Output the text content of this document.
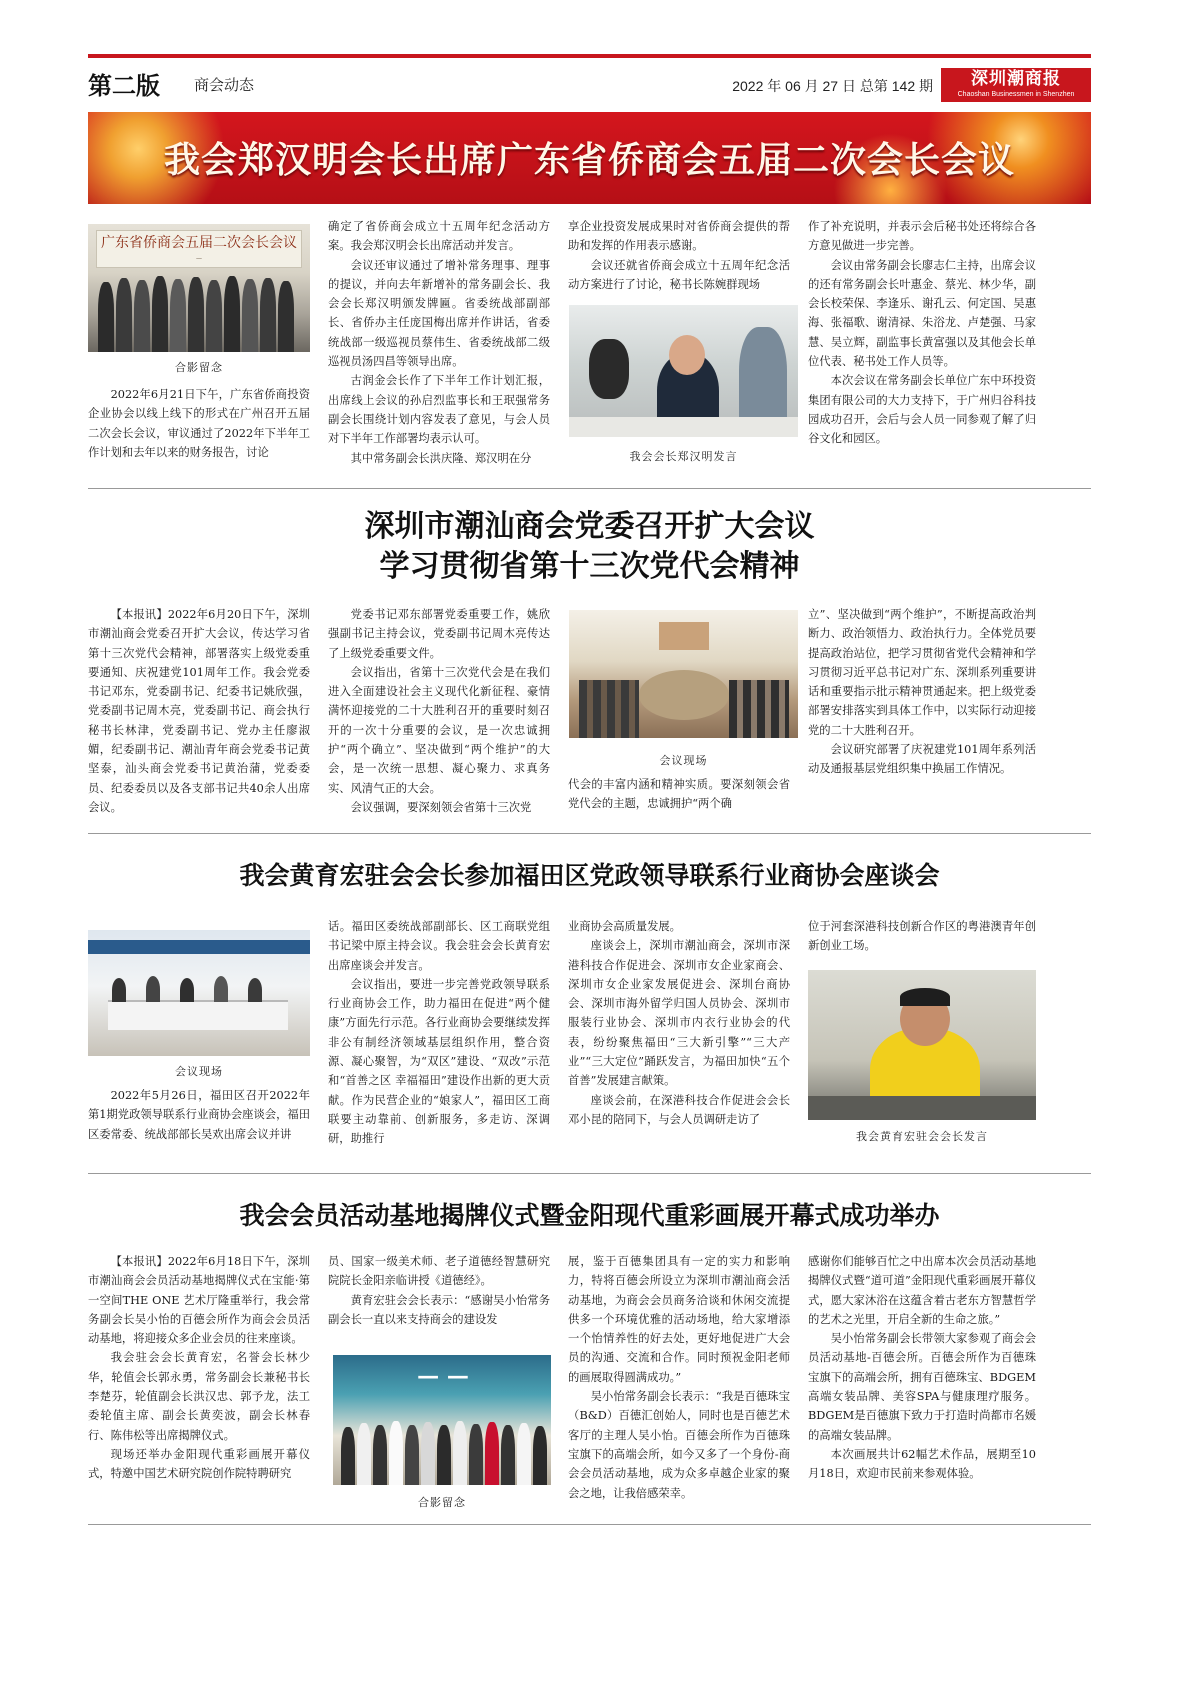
第二版 商会动态	2022 年 06 月 27 日 总第 142 期	深圳潮商报
Chaoshan Businessmen in Shenzhen
我会郑汉明会长出席广东省侨商会五届二次会长会议
广东省侨商会五届二次会长会议
—
合影留念

2022年6月21日下午，广东省侨商投资企业协会以线上线下的形式在广州召开五届二次会长会议，审议通过了2022年下半年工作计划和去年以来的财务报告，讨论

确定了省侨商会成立十五周年纪念活动方案。我会郑汉明会长出席活动并发言。

会议还审议通过了增补常务理事、理事的提议，并向去年新增补的常务副会长、我会会长郑汉明颁发牌匾。省委统战部副部长、省侨办主任庞国梅出席并作讲话，省委统战部一级巡视员蔡伟生、省委统战部二级巡视员汤四昌等领导出席。

古润金会长作了下半年工作计划汇报，出席线上会议的孙启烈监事长和王珉强常务副会长围绕计划内容发表了意见，与会人员对下半年工作部署均表示认可。

其中常务副会长洪庆隆、郑汉明在分

享企业投资发展成果时对省侨商会提供的帮助和发挥的作用表示感谢。

会议还就省侨商会成立十五周年纪念活动方案进行了讨论，秘书长陈婉群现场

我会会长郑汉明发言

作了补充说明，并表示会后秘书处还将综合各方意见做进一步完善。

会议由常务副会长廖志仁主持，出席会议的还有常务副会长叶惠金、蔡光、林少华，副会长校荣保、李逢乐、谢孔云、何定国、吴惠海、张福歌、谢清禄、朱浴龙、卢楚强、马家慧、吴立辉，副监事长黄富强以及其他会长单位代表、秘书处工作人员等。

本次会议在常务副会长单位广东中环投资集团有限公司的大力支持下，于广州归谷科技园成功召开，会后与会人员一同参观了解了归谷文化和园区。

深圳市潮汕商会党委召开扩大会议
学习贯彻省第十三次党代会精神

【本报讯】2022年6月20日下午，深圳市潮汕商会党委召开扩大会议，传达学习省第十三次党代会精神，部署落实上级党委重要通知、庆祝建党101周年工作。我会党委书记邓东，党委副书记、纪委书记姚欣强，党委副书记周木亮，党委副书记、商会执行秘书长林津，党委副书记、党办主任廖淑媚，纪委副书记、潮汕青年商会党委书记黄坚泰，汕头商会党委书记黄治蒲，党委委员、纪委委员以及各支部书记共40余人出席会议。

党委书记邓东部署党委重要工作，姚欣强副书记主持会议，党委副书记周木亮传达了上级党委重要文件。

会议指出，省第十三次党代会是在我们进入全面建设社会主义现代化新征程、豪情满怀迎接党的二十大胜利召开的重要时刻召开的一次十分重要的会议，是一次忠诚拥护“两个确立”、坚决做到“两个维护”的大会，是一次统一思想、凝心聚力、求真务实、风清气正的大会。

会议强调，要深刻领会省第十三次党

会议现场

代会的丰富内涵和精神实质。要深刻领会省党代会的主题，忠诚拥护“两个确

立”、坚决做到“两个维护”，不断提高政治判断力、政治领悟力、政治执行力。全体党员要提高政治站位，把学习贯彻省党代会精神和学习贯彻习近平总书记对广东、深圳系列重要讲话和重要指示批示精神贯通起来。把上级党委部署安排落实到具体工作中，以实际行动迎接党的二十大胜利召开。

会议研究部署了庆祝建党101周年系列活动及通报基层党组织集中换届工作情况。

我会黄育宏驻会会长参加福田区党政领导联系行业商协会座谈会
会议现场

2022年5月26日，福田区召开2022年第1期党政领导联系行业商协会座谈会，福田区委常委、统战部部长吴欢出席会议并讲

话。福田区委统战部副部长、区工商联党组书记梁中原主持会议。我会驻会会长黄育宏出席座谈会并发言。

会议指出，要进一步完善党政领导联系行业商协会工作，助力福田在促进“两个健康”方面先行示范。各行业商协会要继续发挥非公有制经济领域基层组织作用，整合资源、凝心聚智，为“双区”建设、“双改”示范和“首善之区 幸福福田”建设作出新的更大贡献。作为民营企业的“娘家人”，福田区工商联要主动靠前、创新服务，多走访、深调研，助推行

业商协会高质量发展。

座谈会上，深圳市潮汕商会，深圳市深港科技合作促进会、深圳市女企业家商会、深圳市女企业家发展促进会、深圳台商协会、深圳市海外留学归国人员协会、深圳市服装行业协会、深圳市内衣行业协会的代表，纷纷聚焦福田“三大新引擎”“三大产业”“三大定位”踊跃发言，为福田加快“五个首善”发展建言献策。

座谈会前，在深港科技合作促进会会长邓小昆的陪同下，与会人员调研走访了

位于河套深港科技创新合作区的粤港澳青年创新创业工场。

我会黄育宏驻会会长发言
我会会员活动基地揭牌仪式暨金阳现代重彩画展开幕式成功举办

【本报讯】2022年6月18日下午，深圳市潮汕商会会员活动基地揭牌仪式在宝能·第一空间THE ONE 艺术厅隆重举行，我会常务副会长吴小怡的百德会所作为商会会员活动基地，将迎接众多企业会员的往来座谈。

我会驻会会长黄育宏，名誉会长林少华，轮值会长郭永勇，常务副会长兼秘书长李楚芬，轮值副会长洪汉忠、郭予龙，法工委轮值主席、副会长黄奕波，副会长林春行、陈伟松等出席揭牌仪式。

现场还举办金阳现代重彩画展开幕仪式，特邀中国艺术研究院创作院特聘研究

员、国家一级美术师、老子道德经智慧研究院院长金阳亲临讲授《道德经》。

黄育宏驻会会长表示：“感谢吴小怡常务副会长一直以来支持商会的建设发

— —
合影留念

展，鉴于百德集团具有一定的实力和影响力，特将百德会所设立为深圳市潮汕商会活动基地，为商会会员商务洽谈和休闲交流提供多一个环境优雅的活动场地，给大家增添一个怡情养性的好去处，更好地促进广大会员的沟通、交流和合作。同时预祝金阳老师的画展取得圆满成功。”

吴小怡常务副会长表示：“我是百德珠宝（B&D）百德汇创始人，同时也是百德艺术客厅的主理人吴小怡。百德会所作为百德珠宝旗下的高端会所，如今又多了一个身份-商会会员活动基地，成为众多卓越企业家的聚会之地，让我倍感荣幸。

感谢你们能够百忙之中出席本次会员活动基地揭牌仪式暨“道可道”金阳现代重彩画展开幕仪式，愿大家沐浴在这蕴含着古老东方智慧哲学的艺术之光里，开启全新的生命之旅。”

吴小怡常务副会长带领大家参观了商会会员活动基地-百德会所。百德会所作为百德珠宝旗下的高端会所，拥有百德珠宝、BDGEM高端女装品牌、美容SPA与健康理疗服务。BDGEM是百德旗下致力于打造时尚都市名媛的高端女装品牌。

本次画展共计62幅艺术作品，展期至10月18日，欢迎市民前来参观体验。
